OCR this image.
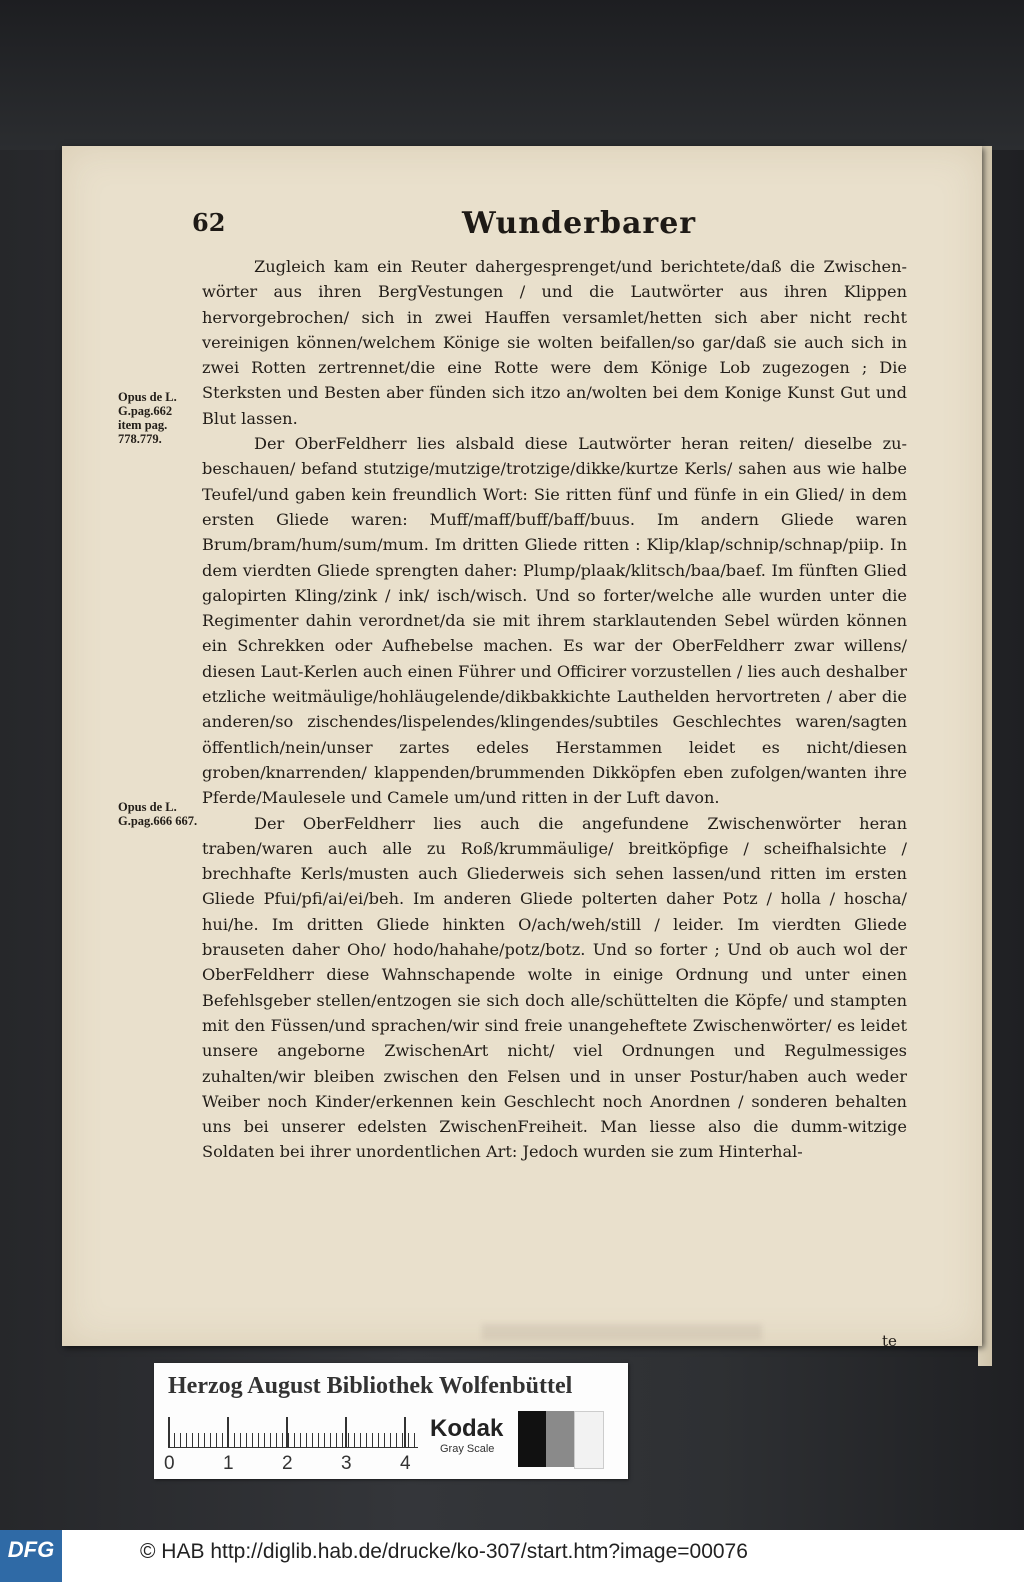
62	Wunderbarer
Opus de L. G.pag.662 item pag. 778.779.
Opus de L. G.pag.666 667.

Zugleich kam ein Reuter dahergesprenget/und berichtete/daß die Zwischen-wörter aus ihren BergVestungen / und die Lautwörter aus ihren Klippen hervorgebrochen/ sich in zwei Hauffen versamlet/hetten sich aber nicht recht vereinigen können/welchem Könige sie wolten beifallen/so gar/daß sie auch sich in zwei Rotten zertrennet/die eine Rotte were dem Könige Lob zugezogen ; Die Sterksten und Besten aber fünden sich itzo an/wolten bei dem Konige Kunst Gut und Blut lassen.

Der OberFeldherr lies alsbald diese Lautwörter heran reiten/ dieselbe zu-beschauen/ befand stutzige/mutzige/trotzige/dikke/kurtze Kerls/ sahen aus wie halbe Teufel/und gaben kein freundlich Wort: Sie ritten fünf und fünfe in ein Glied/ in dem ersten Gliede waren: Muff/maff/buff/baff/buus. Im andern Gliede waren Brum/bram/hum/sum/mum. Im dritten Gliede ritten : Klip/klap/schnip/schnap/piip. In dem vierdten Gliede sprengten daher: Plump/plaak/klitsch/baa/baef. Im fünften Glied galopirten Kling/zink / ink/ isch/wisch. Und so forter/welche alle wurden unter die Regimenter dahin verordnet/da sie mit ihrem starklautenden Sebel würden können ein Schrekken oder Aufhebelse machen. Es war der OberFeldherr zwar willens/ diesen Laut-Kerlen auch einen Führer und Officirer vorzustellen / lies auch deshalber etzliche weitmäulige/hohläugelende/dikbakkichte Lauthelden hervortreten / aber die anderen/so zischendes/lispelendes/klingendes/subtiles Geschlechtes waren/sagten öffentlich/nein/unser zartes edeles Herstammen leidet es nicht/diesen groben/knarrenden/ klappenden/brummenden Dikköpfen eben zufolgen/wanten ihre Pferde/Maulesele und Camele um/und ritten in der Luft davon.

Der OberFeldherr lies auch die angefundene Zwischenwörter heran traben/waren auch alle zu Roß/krummäulige/ breitköpfige / scheifhalsichte / brechhafte Kerls/musten auch Gliederweis sich sehen lassen/und ritten im ersten Gliede Pfui/pfi/ai/ei/beh. Im anderen Gliede polterten daher Potz / holla / hoscha/ hui/he. Im dritten Gliede hinkten O/ach/weh/still / leider. Im vierdten Gliede brauseten daher Oho/ hodo/hahahe/potz/botz. Und so forter ; Und ob auch wol der OberFeldherr diese Wahnschapende wolte in einige Ordnung und unter einen Befehlsgeber stellen/entzogen sie sich doch alle/schüttelten die Köpfe/ und stampten mit den Füssen/und sprachen/wir sind freie unangeheftete Zwischenwörter/ es leidet unsere angeborne ZwischenArt nicht/ viel Ordnungen und Regulmessiges zuhalten/wir bleiben zwischen den Felsen und in unser Postur/haben auch weder Weiber noch Kinder/erkennen kein Geschlecht noch Anordnen / sonderen behalten uns bei unserer edelsten ZwischenFreiheit. Man liesse also die dumm-witzige Soldaten bei ihrer unordentlichen Art: Jedoch wurden sie zum Hinterhal-

te
Herzog August Bibliothek Wolfenbüttel
0	1	2	3	4
Kodak
Gray Scale
DFG	© HAB http://diglib.hab.de/drucke/ko-307/start.htm?image=00076
